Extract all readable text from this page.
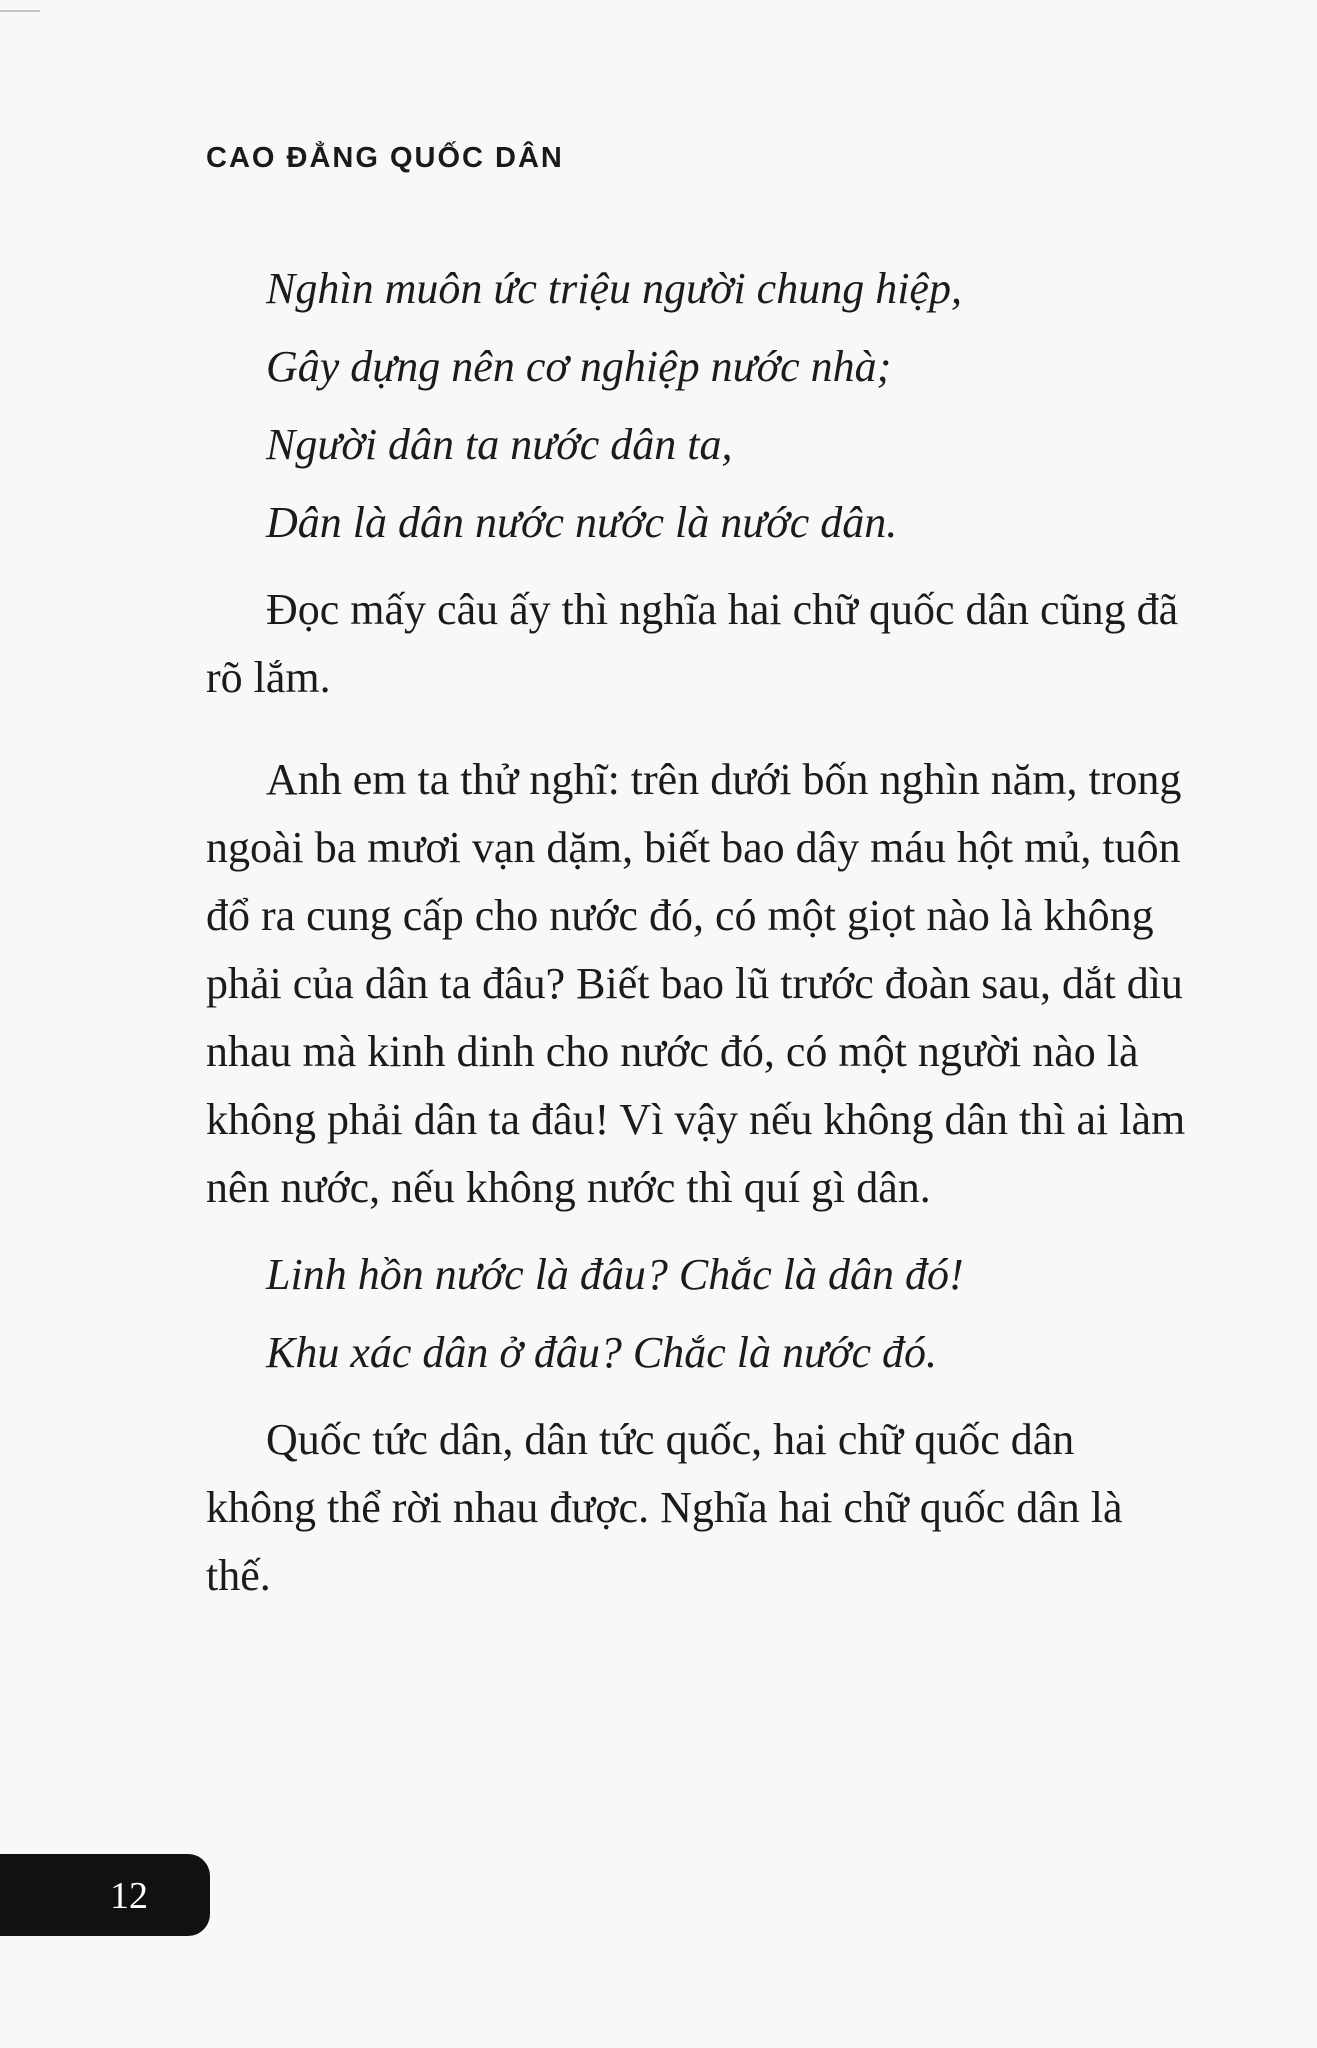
CAO ĐẲNG QUỐC DÂN
Nghìn muôn ức triệu người chung hiệp,
Gây dựng nên cơ nghiệp nước nhà;
Người dân ta nước dân ta,
Dân là dân nước nước là nước dân.

Đọc mấy câu ấy thì nghĩa hai chữ quốc dân cũng đã rõ lắm.

Anh em ta thử nghĩ: trên dưới bốn nghìn năm, trong ngoài ba mươi vạn dặm, biết bao dây máu hột mủ, tuôn đổ ra cung cấp cho nước đó, có một giọt nào là không phải của dân ta đâu? Biết bao lũ trước đoàn sau, dắt dìu nhau mà kinh dinh cho nước đó, có một người nào là không phải dân ta đâu! Vì vậy nếu không dân thì ai làm nên nước, nếu không nước thì quí gì dân.

Linh hồn nước là đâu? Chắc là dân đó!
Khu xác dân ở đâu? Chắc là nước đó.

Quốc tức dân, dân tức quốc, hai chữ quốc dân không thể rời nhau được. Nghĩa hai chữ quốc dân là thế.

12
